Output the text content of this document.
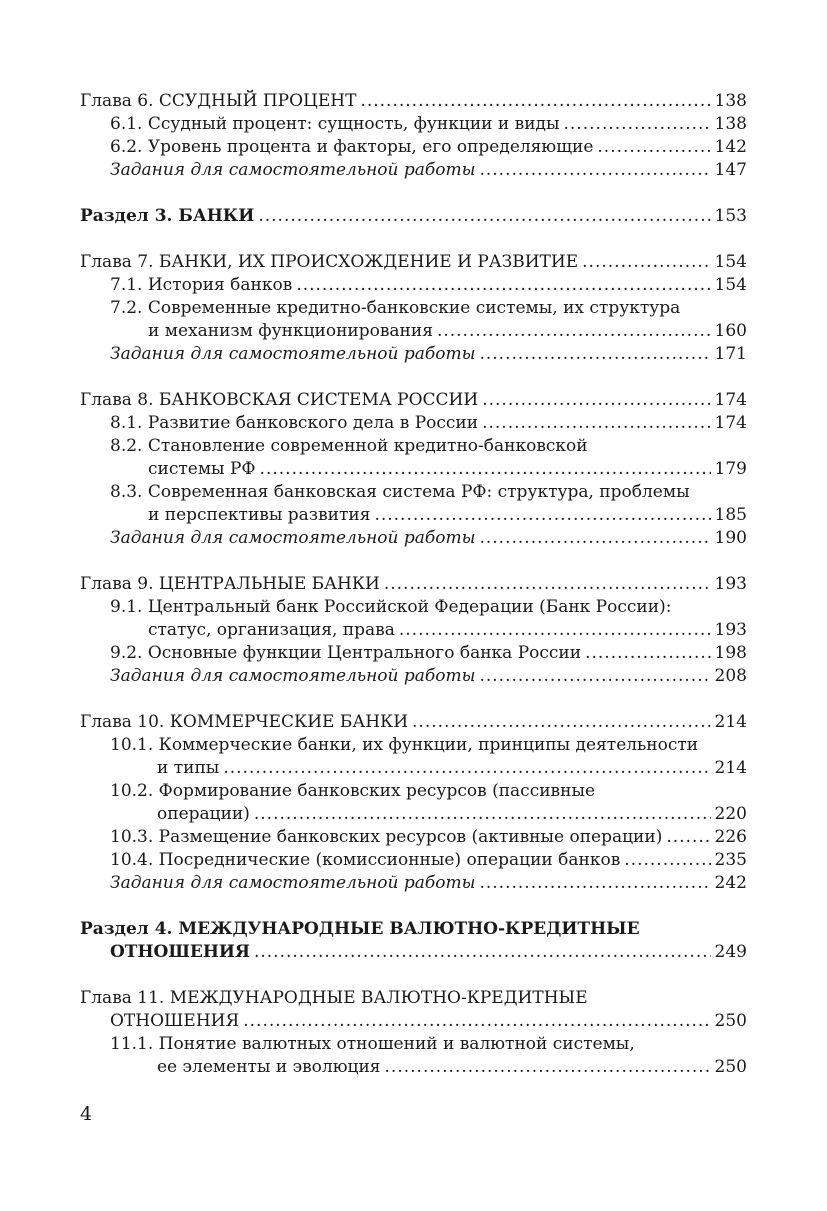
Глава 6. ССУДНЫЙ ПРОЦЕНТ .....	138
6.1. Ссудный процент: сущность, функции и виды .....	138
6.2. Уровень процента и факторы, его определяющие .....	142
Задания для самостоятельной работы .....	147
Раздел 3. БАНКИ .....	153
Глава 7. БАНКИ, ИХ ПРОИСХОЖДЕНИЕ И РАЗВИТИЕ .....	154
7.1. История банков .....	154
7.2. Современные кредитно-банковские системы, их структура
и механизм функционирования .....	160
Задания для самостоятельной работы .....	171
Глава 8. БАНКОВСКАЯ СИСТЕМА РОССИИ .....	174
8.1. Развитие банковского дела в России .....	174
8.2. Становление современной кредитно-банковской
системы РФ .....	179
8.3. Современная банковская система РФ: структура, проблемы
и перспективы развития .....	185
Задания для самостоятельной работы .....	190
Глава 9. ЦЕНТРАЛЬНЫЕ БАНКИ .....	193
9.1. Центральный банк Российской Федерации (Банк России):
статус, организация, права .....	193
9.2. Основные функции Центрального банка России .....	198
Задания для самостоятельной работы .....	208
Глава 10. КОММЕРЧЕСКИЕ БАНКИ .....	214
10.1. Коммерческие банки, их функции, принципы деятельности
и типы .....	214
10.2. Формирование банковских ресурсов (пассивные
операции) .....	220
10.3. Размещение банковских ресурсов (активные операции) .....	226
10.4. Посреднические (комиссионные) операции банков .....	235
Задания для самостоятельной работы .....	242
Раздел 4. МЕЖДУНАРОДНЫЕ ВАЛЮТНО-КРЕДИТНЫЕ
ОТНОШЕНИЯ .....	249
Глава 11. МЕЖДУНАРОДНЫЕ ВАЛЮТНО-КРЕДИТНЫЕ
ОТНОШЕНИЯ .....	250
11.1. Понятие валютных отношений и валютной системы,
ее элементы и эволюция .....	250
4
